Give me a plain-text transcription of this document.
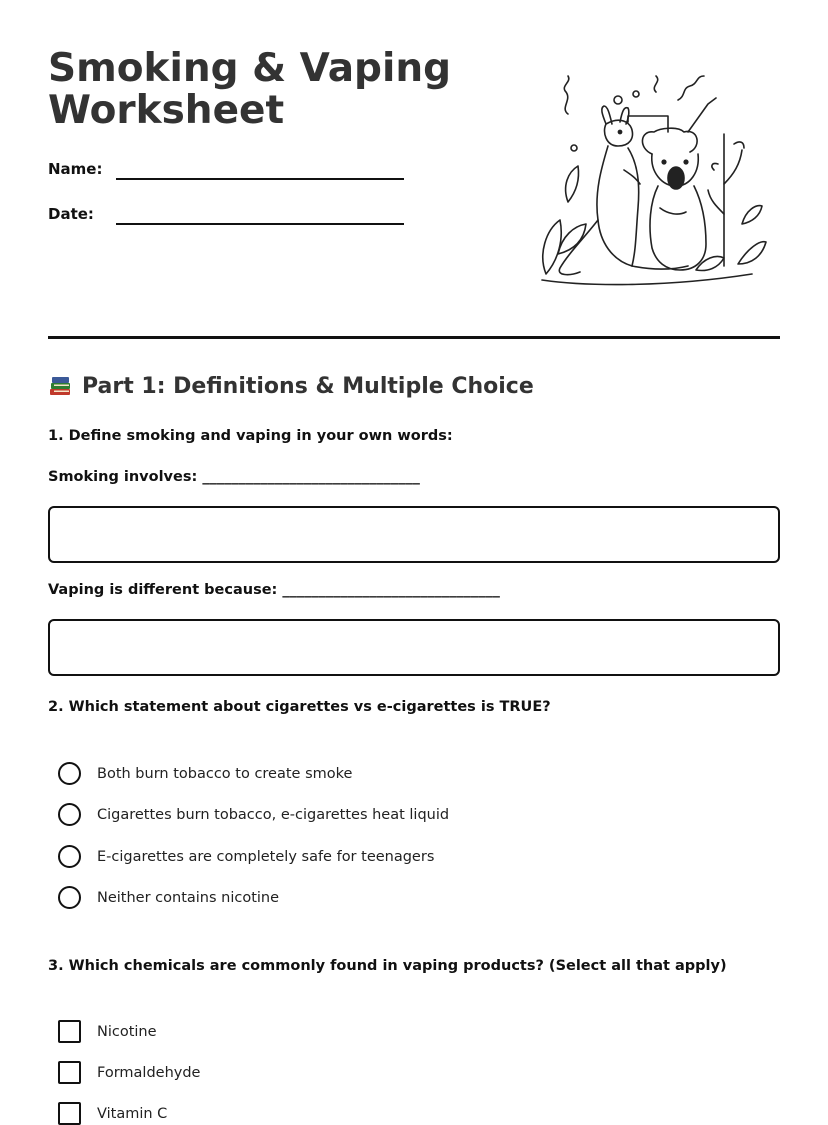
Smoking & Vaping
Worksheet
Name:
Date:
Part 1: Definitions & Multiple Choice
1. Define smoking and vaping in your own words:
Smoking involves: ______________________________
Vaping is different because: ______________________________
2. Which statement about cigarettes vs e-cigarettes is TRUE?
Both burn tobacco to create smoke
Cigarettes burn tobacco, e-cigarettes heat liquid
E-cigarettes are completely safe for teenagers
Neither contains nicotine
3. Which chemicals are commonly found in vaping products? (Select all that apply)
Nicotine
Formaldehyde
Vitamin C
